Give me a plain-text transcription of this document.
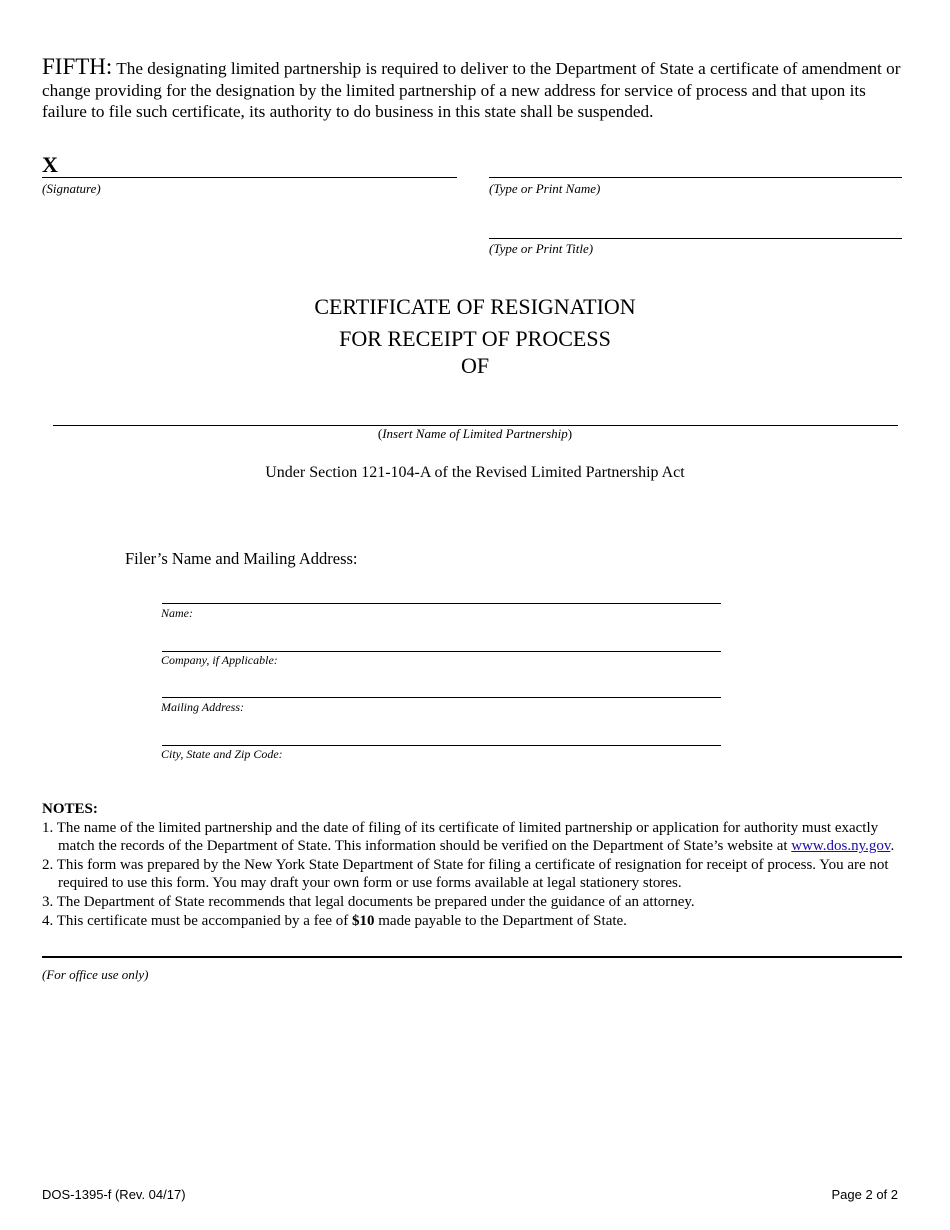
FIFTH: The designating limited partnership is required to deliver to the Department of State a certificate of amendment or change providing for the designation by the limited partnership of a new address for service of process and that upon its failure to file such certificate, its authority to do business in this state shall be suspended.
X
(Signature)	(Type or Print Name)
(Type or Print Title)
CERTIFICATE OF RESIGNATION
FOR RECEIPT OF PROCESS
OF
(Insert Name of Limited Partnership)
Under Section 121-104-A of the Revised Limited Partnership Act
Filer’s Name and Mailing Address:
Name:
Company, if Applicable:
Mailing Address:
City, State and Zip Code:
NOTES:
1. The name of the limited partnership and the date of filing of its certificate of limited partnership or application for authority must exactly match the records of the Department of State. This information should be verified on the Department of State’s website at www.dos.ny.gov.
2. This form was prepared by the New York State Department of State for filing a certificate of resignation for receipt of process. You are not required to use this form. You may draft your own form or use forms available at legal stationery stores.
3. The Department of State recommends that legal documents be prepared under the guidance of an attorney.
4. This certificate must be accompanied by a fee of $10 made payable to the Department of State.
(For office use only)
DOS-1395-f (Rev. 04/17)	Page 2 of 2
